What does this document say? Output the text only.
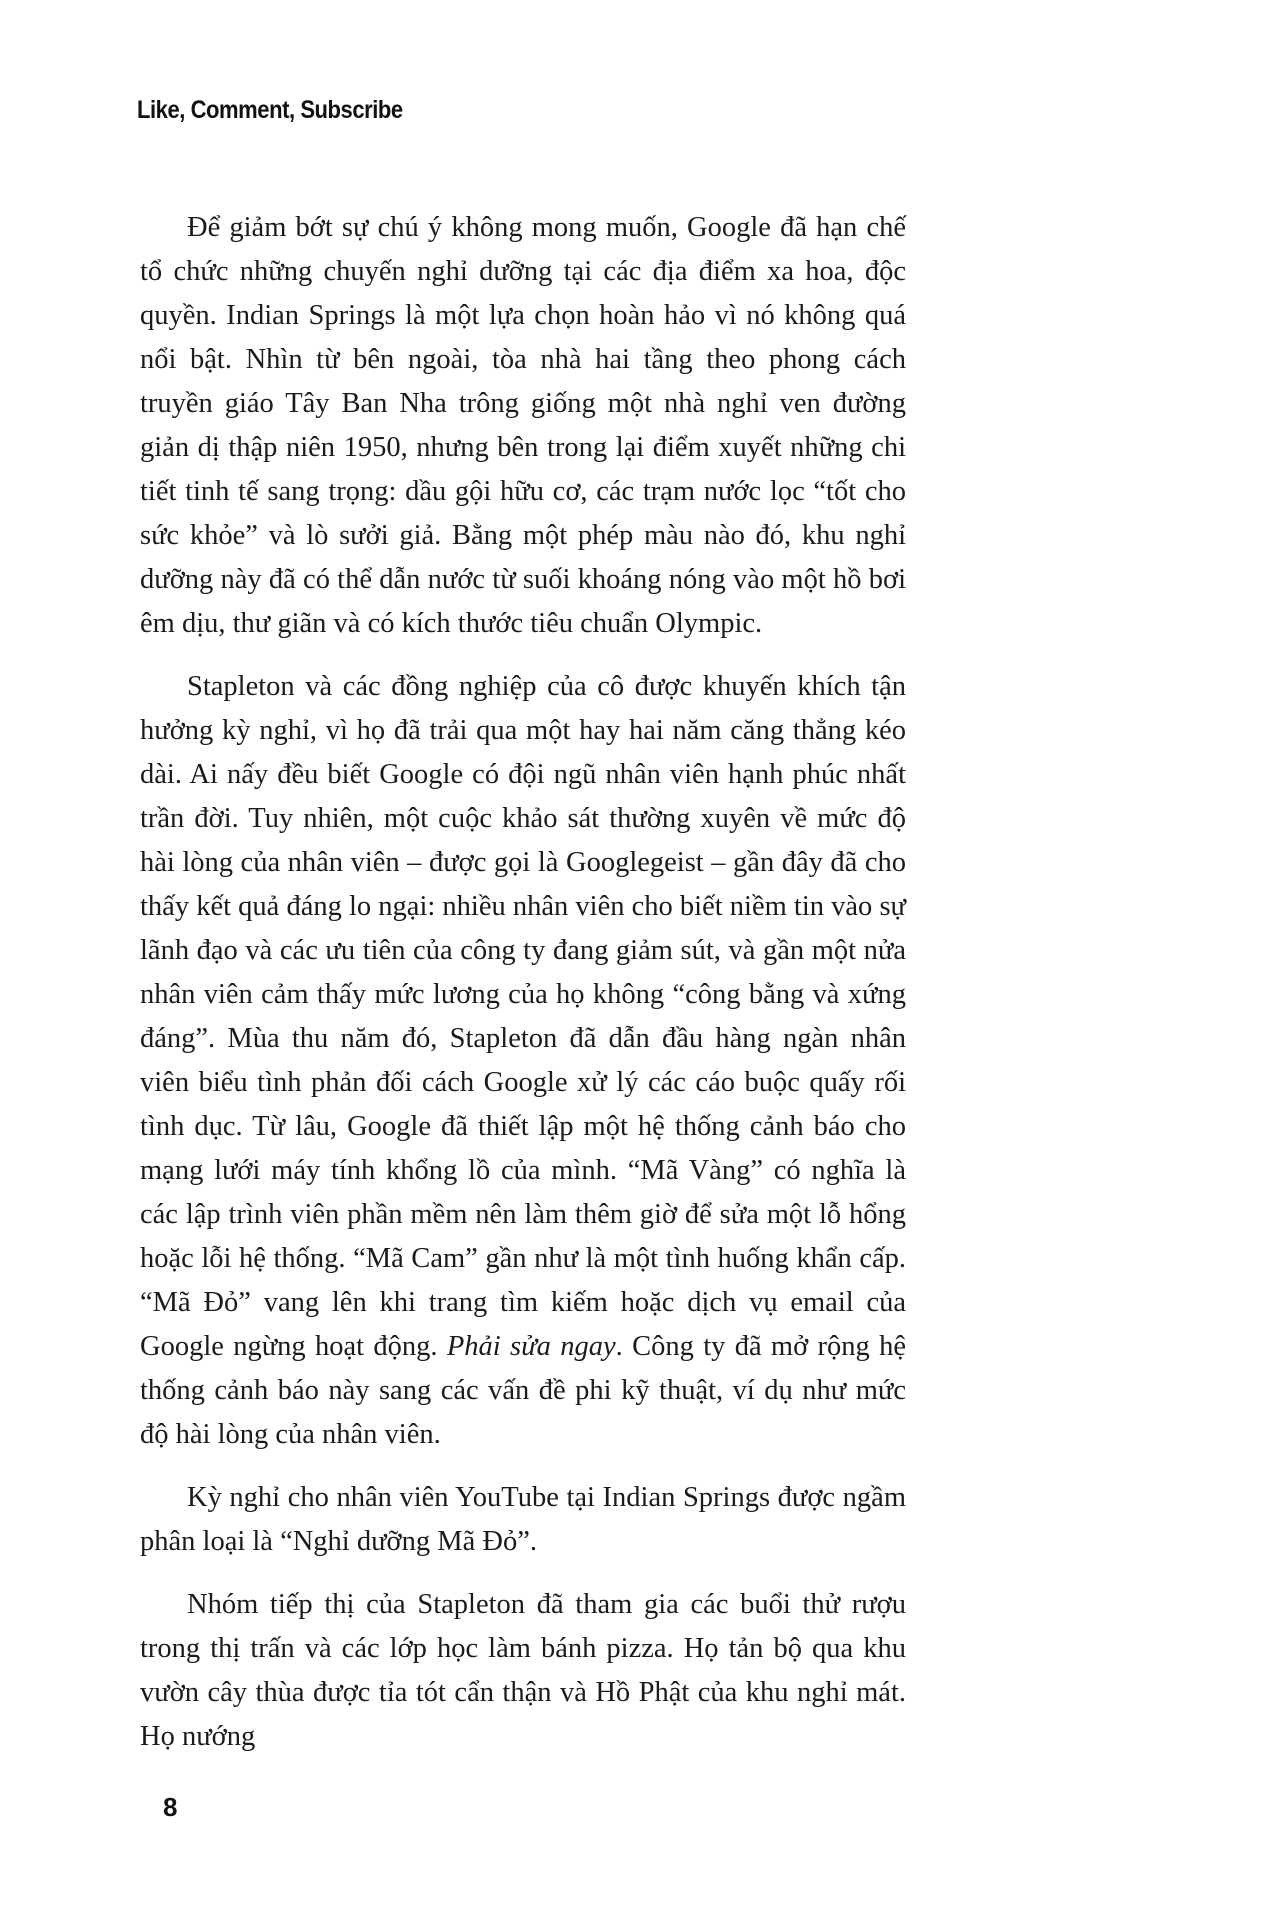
Like, Comment, Subscribe

Để giảm bớt sự chú ý không mong muốn, Google đã hạn chế tổ chức những chuyến nghỉ dưỡng tại các địa điểm xa hoa, độc quyền. Indian Springs là một lựa chọn hoàn hảo vì nó không quá nổi bật. Nhìn từ bên ngoài, tòa nhà hai tầng theo phong cách truyền giáo Tây Ban Nha trông giống một nhà nghỉ ven đường giản dị thập niên 1950, nhưng bên trong lại điểm xuyết những chi tiết tinh tế sang trọng: dầu gội hữu cơ, các trạm nước lọc “tốt cho sức khỏe” và lò sưởi giả. Bằng một phép màu nào đó, khu nghỉ dưỡng này đã có thể dẫn nước từ suối khoáng nóng vào một hồ bơi êm dịu, thư giãn và có kích thước tiêu chuẩn Olympic.

Stapleton và các đồng nghiệp của cô được khuyến khích tận hưởng kỳ nghỉ, vì họ đã trải qua một hay hai năm căng thẳng kéo dài. Ai nấy đều biết Google có đội ngũ nhân viên hạnh phúc nhất trần đời. Tuy nhiên, một cuộc khảo sát thường xuyên về mức độ hài lòng của nhân viên – được gọi là Googlegeist – gần đây đã cho thấy kết quả đáng lo ngại: nhiều nhân viên cho biết niềm tin vào sự lãnh đạo và các ưu tiên của công ty đang giảm sút, và gần một nửa nhân viên cảm thấy mức lương của họ không “công bằng và xứng đáng”. Mùa thu năm đó, Stapleton đã dẫn đầu hàng ngàn nhân viên biểu tình phản đối cách Google xử lý các cáo buộc quấy rối tình dục. Từ lâu, Google đã thiết lập một hệ thống cảnh báo cho mạng lưới máy tính khổng lồ của mình. “Mã Vàng” có nghĩa là các lập trình viên phần mềm nên làm thêm giờ để sửa một lỗ hổng hoặc lỗi hệ thống. “Mã Cam” gần như là một tình huống khẩn cấp. “Mã Đỏ” vang lên khi trang tìm kiếm hoặc dịch vụ email của Google ngừng hoạt động. Phải sửa ngay. Công ty đã mở rộng hệ thống cảnh báo này sang các vấn đề phi kỹ thuật, ví dụ như mức độ hài lòng của nhân viên.

Kỳ nghỉ cho nhân viên YouTube tại Indian Springs được ngầm phân loại là “Nghỉ dưỡng Mã Đỏ”.

Nhóm tiếp thị của Stapleton đã tham gia các buổi thử rượu trong thị trấn và các lớp học làm bánh pizza. Họ tản bộ qua khu vườn cây thùa được tỉa tót cẩn thận và Hồ Phật của khu nghỉ mát. Họ nướng

8
